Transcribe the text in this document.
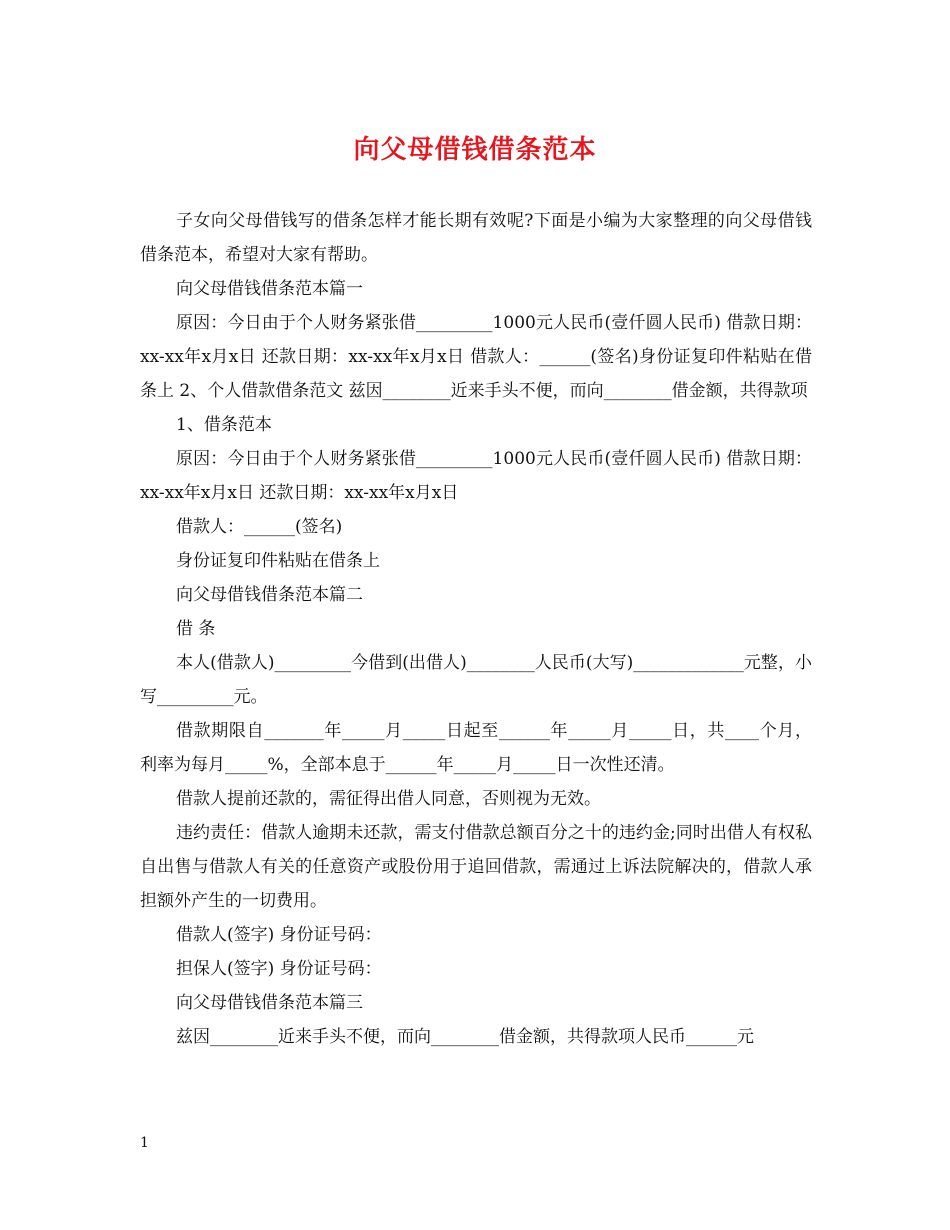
向父母借钱借条范本

子女向父母借钱写的借条怎样才能长期有效呢?下面是小编为大家整理的向父母借钱借条范本，希望对大家有帮助。

向父母借钱借条范本篇一

原因：今日由于个人财务紧张借_________1000元人民币(壹仟圆人民币) 借款日期：xx-xx年x月x日 还款日期：xx-xx年x月x日 借款人：______(签名)身份证复印件粘贴在借条上 2、个人借款借条范文 兹因________近来手头不便，而向________借金额，共得款项

1、借条范本

原因：今日由于个人财务紧张借_________1000元人民币(壹仟圆人民币) 借款日期：xx-xx年x月x日 还款日期：xx-xx年x月x日

借款人：______(签名)

身份证复印件粘贴在借条上

向父母借钱借条范本篇二

借 条

本人(借款人)_________今借到(出借人)________人民币(大写)_____________元整，小写_________元。

借款期限自_______年_____月_____日起至______年_____月_____日，共____个月，利率为每月_____%，全部本息于______年_____月_____日一次性还清。

借款人提前还款的，需征得出借人同意，否则视为无效。

违约责任：借款人逾期未还款，需支付借款总额百分之十的违约金;同时出借人有权私自出售与借款人有关的任意资产或股份用于追回借款，需通过上诉法院解决的，借款人承担额外产生的一切费用。

借款人(签字) 身份证号码：

担保人(签字) 身份证号码：

向父母借钱借条范本篇三

兹因________近来手头不便，而向________借金额，共得款项人民币______元

1
